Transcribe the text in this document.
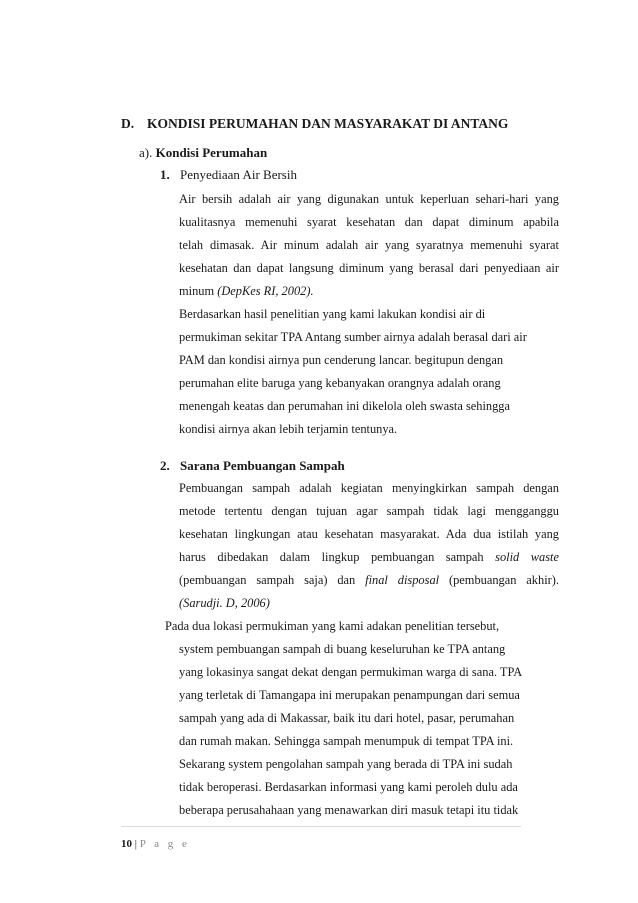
D. KONDISI PERUMAHAN DAN MASYARAKAT DI ANTANG
a). Kondisi Perumahan
1. Penyediaan Air Bersih
Air bersih adalah air yang digunakan untuk keperluan sehari-hari yang
kualitasnya memenuhi syarat kesehatan dan dapat diminum apabila
telah dimasak. Air minum adalah air yang syaratnya memenuhi syarat
kesehatan dan dapat langsung diminum yang berasal dari penyediaan air
minum (DepKes RI, 2002).
Berdasarkan hasil penelitian yang kami lakukan kondisi air di
permukiman sekitar TPA Antang sumber airnya adalah berasal dari air
PAM dan kondisi airnya pun cenderung lancar. begitupun dengan
perumahan elite baruga yang kebanyakan orangnya adalah orang
menengah keatas dan perumahan ini dikelola oleh swasta sehingga
kondisi airnya akan lebih terjamin tentunya.
2. Sarana Pembuangan Sampah
Pembuangan sampah adalah kegiatan menyingkirkan sampah dengan
metode tertentu dengan tujuan agar sampah tidak lagi mengganggu
kesehatan lingkungan atau kesehatan masyarakat. Ada dua istilah yang
harus dibedakan dalam lingkup pembuangan sampah solid waste
(pembuangan sampah saja) dan final disposal (pembuangan akhir).
(Sarudji. D, 2006)
Pada dua lokasi permukiman yang kami adakan penelitian tersebut,
system pembuangan sampah di buang keseluruhan ke TPA antang
yang lokasinya sangat dekat dengan permukiman warga di sana. TPA
yang terletak di Tamangapa ini merupakan penampungan dari semua
sampah yang ada di Makassar, baik itu dari hotel, pasar, perumahan
dan rumah makan. Sehingga sampah menumpuk di tempat TPA ini.
Sekarang system pengolahan sampah yang berada di TPA ini sudah
tidak beroperasi. Berdasarkan informasi yang kami peroleh dulu ada
beberapa perusahahaan yang menawarkan diri masuk tetapi itu tidak
10 | P a g e
